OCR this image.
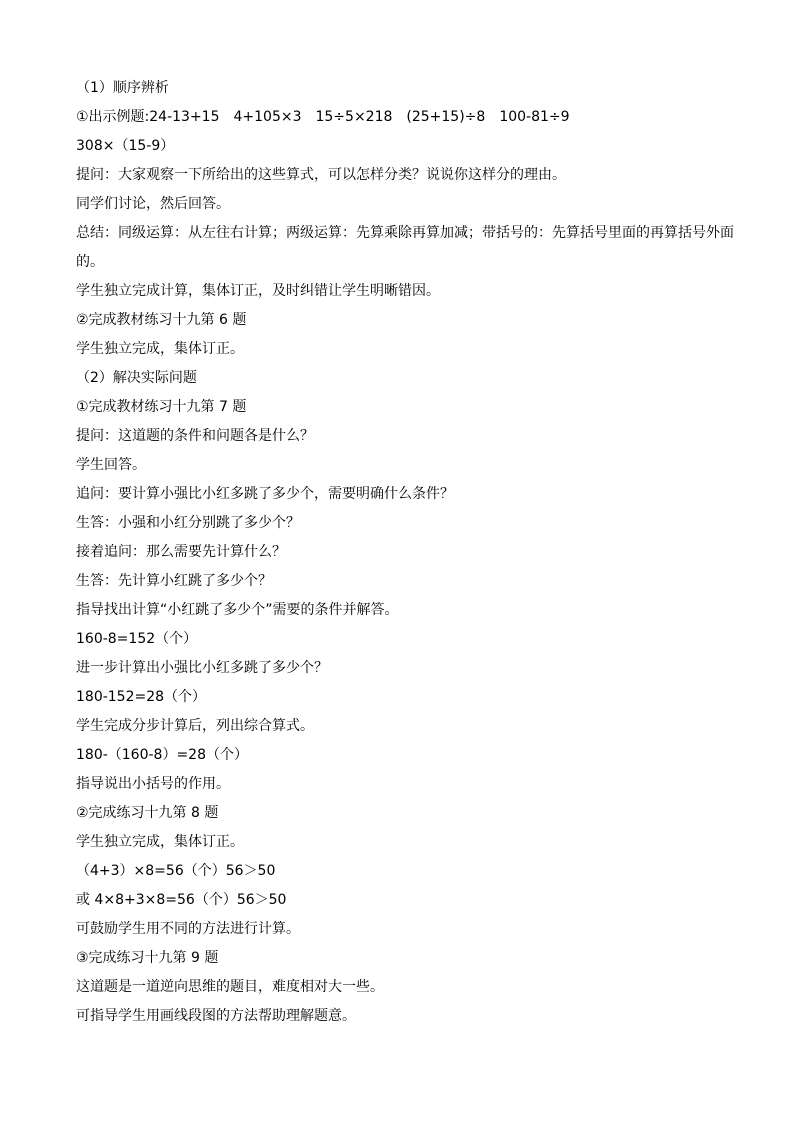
（1）顺序辨析
①出示例题:24-13+15　4+105×3　15÷5×218　(25+15)÷8　100-81÷9
308×（15-9）
提问：大家观察一下所给出的这些算式，可以怎样分类？说说你这样分的理由。
同学们讨论，然后回答。
总结：同级运算：从左往右计算；两级运算：先算乘除再算加减；带括号的：先算括号里面的再算括号外面的。
学生独立完成计算，集体订正，及时纠错让学生明晰错因。
②完成教材练习十九第 6 题
学生独立完成，集体订正。
（2）解决实际问题
①完成教材练习十九第 7 题
提问：这道题的条件和问题各是什么？
学生回答。
追问：要计算小强比小红多跳了多少个，需要明确什么条件？
生答：小强和小红分别跳了多少个？
接着追问：那么需要先计算什么？
生答：先计算小红跳了多少个？
指导找出计算“小红跳了多少个”需要的条件并解答。
160-8=152（个）
进一步计算出小强比小红多跳了多少个？
180-152=28（个）
学生完成分步计算后，列出综合算式。
180-（160-8）=28（个）
指导说出小括号的作用。
②完成练习十九第 8 题
学生独立完成，集体订正。
（4+3）×8=56（个）56＞50
或 4×8+3×8=56（个）56＞50
可鼓励学生用不同的方法进行计算。
③完成练习十九第 9 题
这道题是一道逆向思维的题目，难度相对大一些。
可指导学生用画线段图的方法帮助理解题意。
